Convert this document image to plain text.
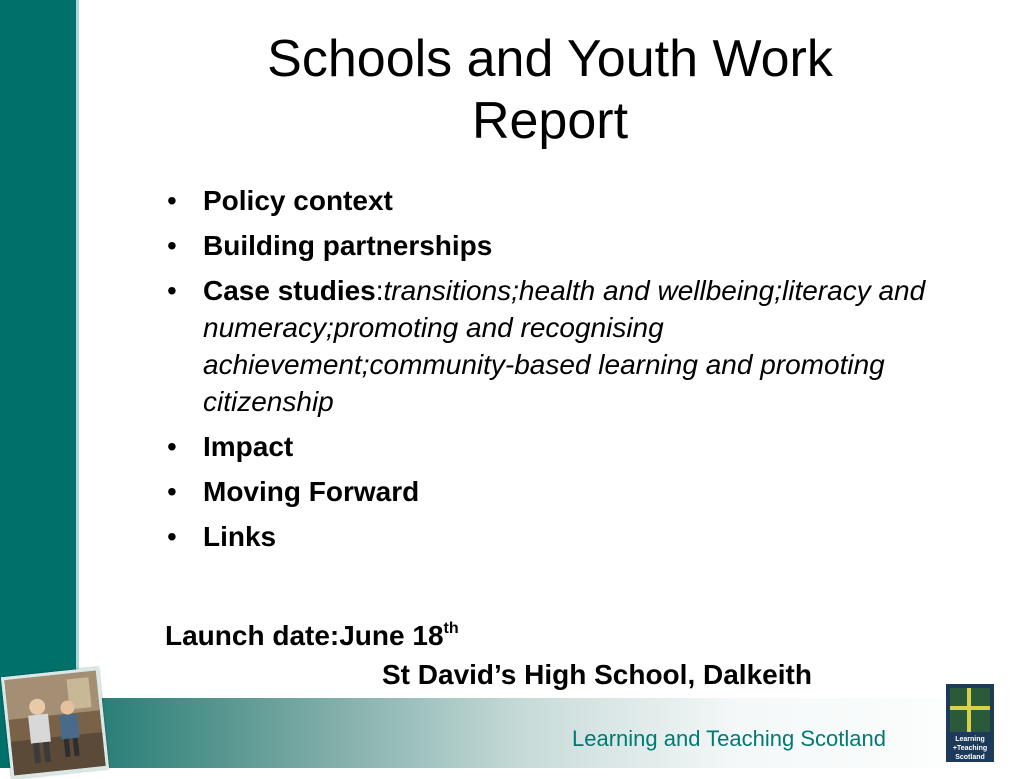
Schools and Youth Work
Report
• Policy context
• Building partnerships
• Case studies:transitions;health and wellbeing;literacy and numeracy;promoting and recognising achievement;community-based learning and promoting citizenship
• Impact
• Moving Forward
• Links
Launch date:June 18th
St David’s High School, Dalkeith
Learning and Teaching Scotland	Learning
+Teaching
Scotland
